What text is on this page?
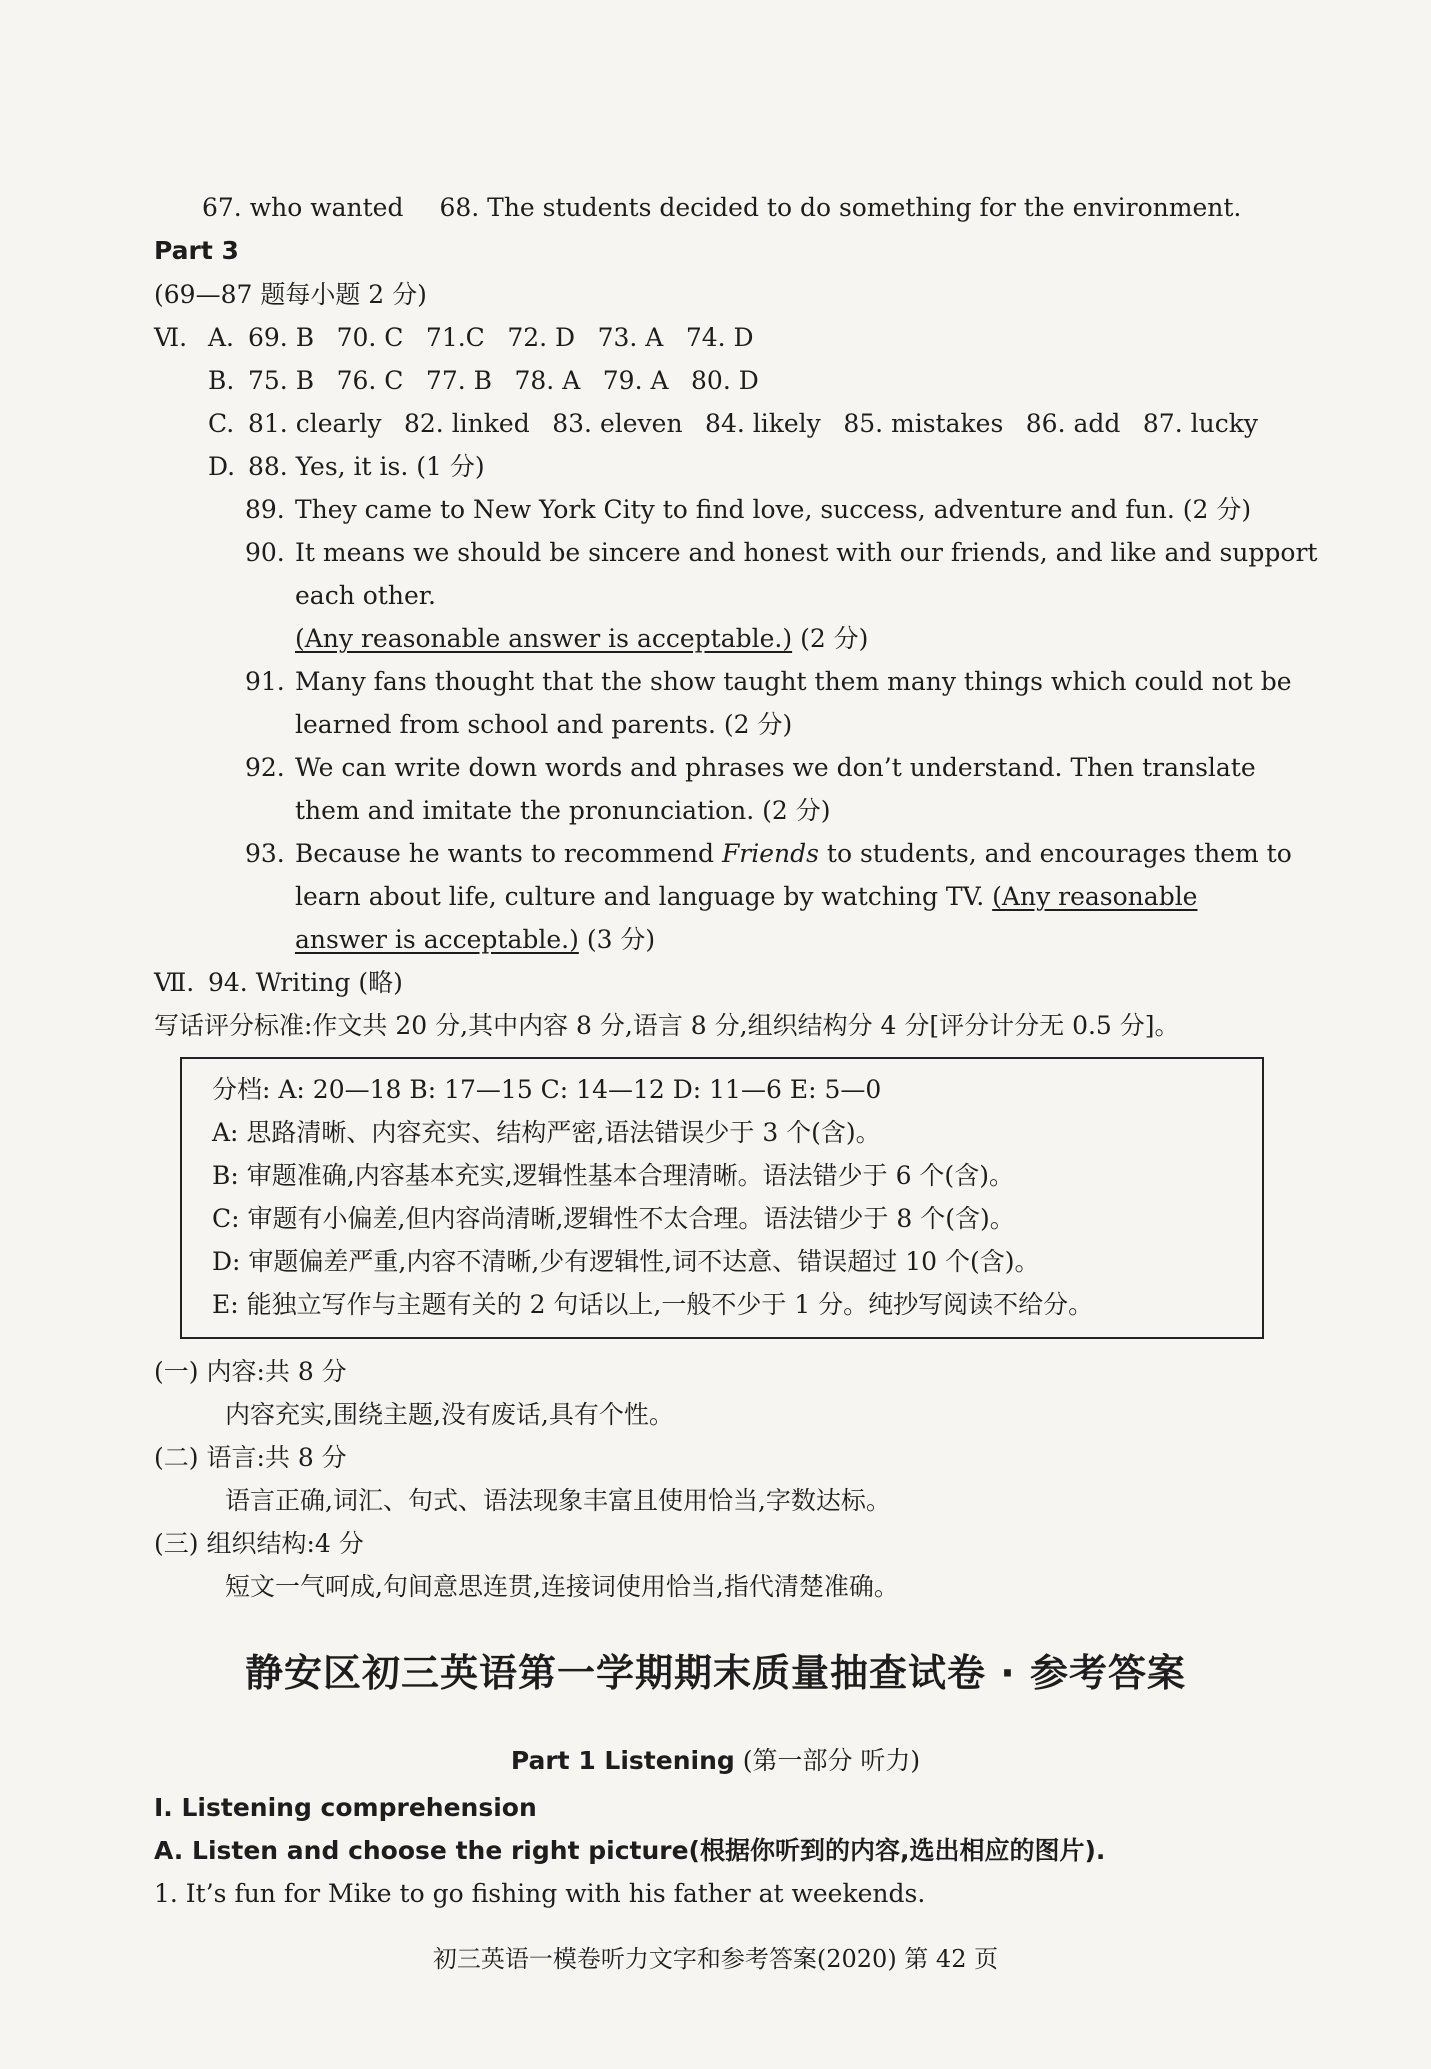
67. who wanted 68. The students decided to do something for the environment.
Part 3
(69—87 题每小题 2 分)
Ⅵ. A. 69. B 70. C 71.C 72. D 73. A 74. D
B. 75. B 76. C 77. B 78. A 79. A 80. D
C. 81. clearly 82. linked 83. eleven 84. likely 85. mistakes 86. add 87. lucky
D. 88. Yes, it is. (1 分)
89. They came to New York City to find love, success, adventure and fun. (2 分)
90. It means we should be sincere and honest with our friends, and like and support
each other.
(Any reasonable answer is acceptable.) (2 分)
91. Many fans thought that the show taught them many things which could not be
learned from school and parents. (2 分)
92. We can write down words and phrases we don’t understand. Then translate
them and imitate the pronunciation. (2 分)
93. Because he wants to recommend Friends to students, and encourages them to
learn about life, culture and language by watching TV. (Any reasonable
answer is acceptable.) (3 分)
Ⅶ. 94. Writing (略)
写话评分标准:作文共 20 分,其中内容 8 分,语言 8 分,组织结构分 4 分[评分计分无 0.5 分]。
分档: A: 20—18 B: 17—15 C: 14—12 D: 11—6 E: 5—0
A: 思路清晰、内容充实、结构严密,语法错误少于 3 个(含)。
B: 审题准确,内容基本充实,逻辑性基本合理清晰。语法错少于 6 个(含)。
C: 审题有小偏差,但内容尚清晰,逻辑性不太合理。语法错少于 8 个(含)。
D: 审题偏差严重,内容不清晰,少有逻辑性,词不达意、错误超过 10 个(含)。
E: 能独立写作与主题有关的 2 句话以上,一般不少于 1 分。纯抄写阅读不给分。
(一) 内容:共 8 分
内容充实,围绕主题,没有废话,具有个性。
(二) 语言:共 8 分
语言正确,词汇、句式、语法现象丰富且使用恰当,字数达标。
(三) 组织结构:4 分
短文一气呵成,句间意思连贯,连接词使用恰当,指代清楚准确。
静安区初三英语第一学期期末质量抽查试卷 · 参考答案
Part 1 Listening (第一部分 听力)
Ⅰ. Listening comprehension
A. Listen and choose the right picture(根据你听到的内容,选出相应的图片).
1. It’s fun for Mike to go fishing with his father at weekends.
初三英语一模卷听力文字和参考答案(2020) 第 42 页
